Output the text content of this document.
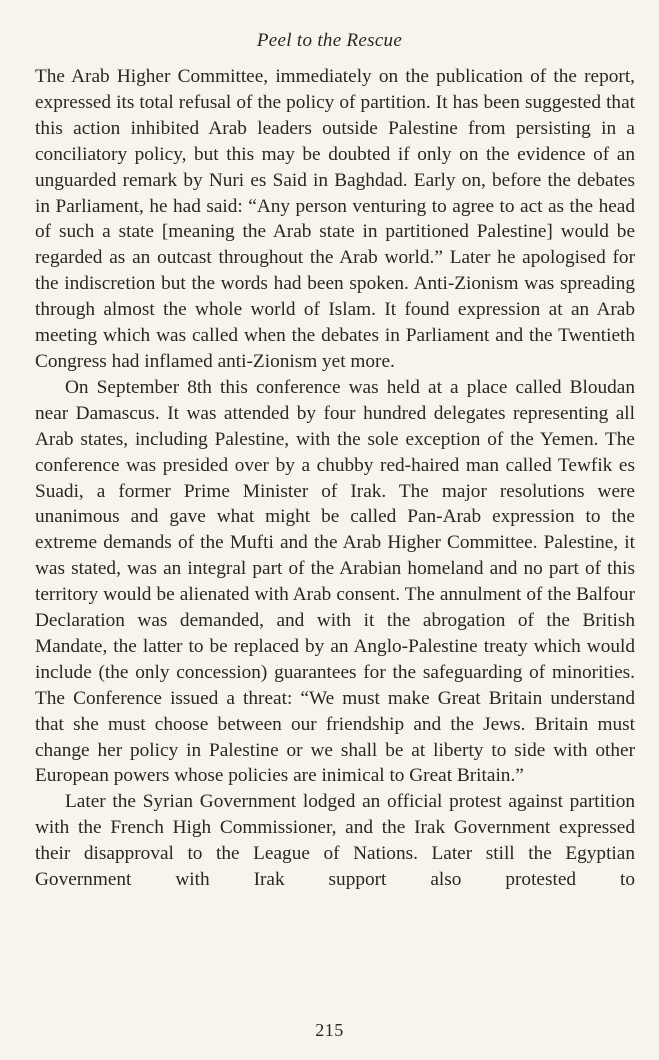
Peel to the Rescue

The Arab Higher Committee, immediately on the publication of the report, expressed its total refusal of the policy of partition. It has been suggested that this action inhibited Arab leaders outside Palestine from persisting in a conciliatory policy, but this may be doubted if only on the evidence of an unguarded remark by Nuri es Said in Baghdad. Early on, before the debates in Parliament, he had said: “Any person venturing to agree to act as the head of such a state [meaning the Arab state in partitioned Palestine] would be regarded as an outcast throughout the Arab world.” Later he apologised for the indiscretion but the words had been spoken. Anti-Zionism was spreading through almost the whole world of Islam. It found expression at an Arab meeting which was called when the debates in Parliament and the Twentieth Congress had inflamed anti-Zionism yet more.

On September 8th this conference was held at a place called Bloudan near Damascus. It was attended by four hundred delegates representing all Arab states, including Palestine, with the sole exception of the Yemen. The conference was presided over by a chubby red-haired man called Tewfik es Suadi, a former Prime Minister of Irak. The major resolutions were unanimous and gave what might be called Pan-Arab expression to the extreme demands of the Mufti and the Arab Higher Committee. Palestine, it was stated, was an integral part of the Arabian homeland and no part of this territory would be alienated with Arab consent. The annulment of the Balfour Declaration was demanded, and with it the abrogation of the British Mandate, the latter to be replaced by an Anglo-Palestine treaty which would include (the only concession) guarantees for the safeguarding of minorities. The Conference issued a threat: “We must make Great Britain understand that she must choose between our friendship and the Jews. Britain must change her policy in Palestine or we shall be at liberty to side with other European powers whose policies are inimical to Great Britain.”

Later the Syrian Government lodged an official protest against partition with the French High Commissioner, and the Irak Government expressed their disapproval to the League of Nations. Later still the Egyptian Government with Irak support also protested to

215
